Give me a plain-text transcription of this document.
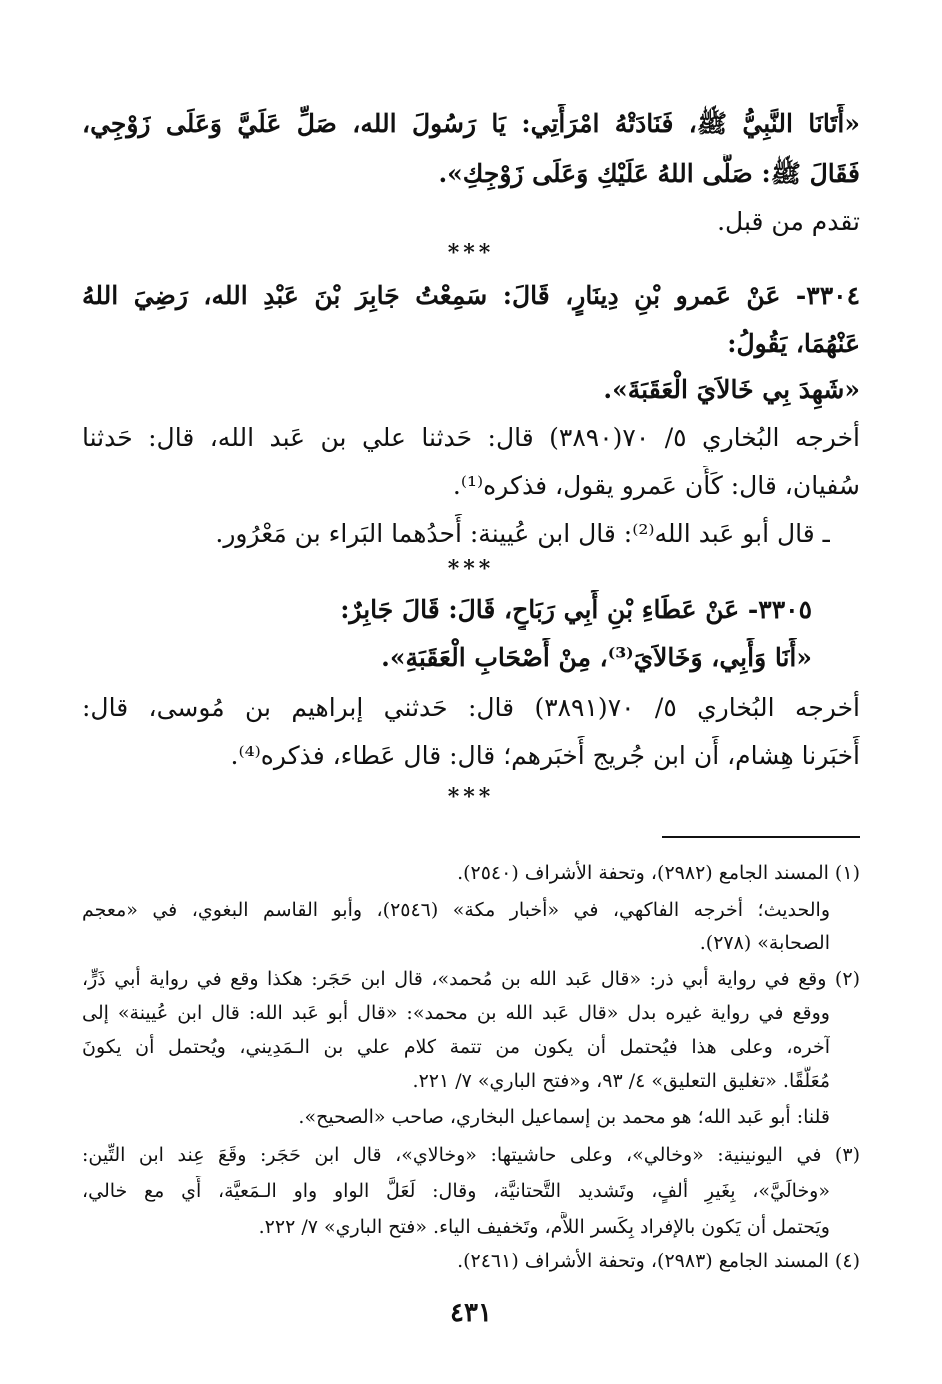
«أَتَانَا النَّبِيُّ ﷺ، فَنَادَتْهُ امْرَأَتِي: يَا رَسُولَ الله، صَلِّ عَلَيَّ وَعَلَى زَوْجِي،
فَقَالَ ﷺ: صَلَّى اللهُ عَلَيْكِ وَعَلَى زَوْجِكِ».
تقدم من قبل.
***
٣٣٠٤- عَنْ عَمرو بْنِ دِينَارٍ، قَالَ: سَمِعْتُ جَابِرَ بْنَ عَبْدِ الله، رَضِيَ اللهُ
عَنْهُمَا، يَقُولُ:
«شَهِدَ بِي خَالاَيَ الْعَقَبَةَ».
أخرجه البُخاري ٥/ ٧٠(٣٨٩٠) قال: حَدثنا علي بن عَبد الله، قال: حَدثنا
سُفيان، قال: كَأَن عَمرو يقول، فذكره⁽¹⁾.
ـ قال أبو عَبد الله⁽²⁾: قال ابن عُيينة: أَحدُهما البَراء بن مَعْرُور.
***
٣٣٠٥- عَنْ عَطَاءِ بْنِ أَبِي رَبَاحٍ، قَالَ: قَالَ جَابِرٌ:
«أَنَا وَأَبِي، وَخَالاَيَ⁽³⁾، مِنْ أَصْحَابِ الْعَقَبَةِ».
أخرجه البُخاري ٥/ ٧٠(٣٨٩١) قال: حَدثني إبراهيم بن مُوسى، قال:
أَخبَرنا هِشام، أَن ابن جُريج أَخبَرهم؛ قال: قال عَطاء، فذكره⁽⁴⁾.
***
(١) المسند الجامع (٢٩٨٢)، وتحفة الأشراف (٢٥٤٠).
والحديث؛ أخرجه الفاكهي، في «أخبار مكة» (٢٥٤٦)، وأبو القاسم البغوي، في «معجم
الصحابة» (٢٧٨).
(٢) وقع في رواية أبي ذر: «قال عَبد الله بن مُحمد»، قال ابن حَجَر: هكذا وقع في رواية أبي ذَرٍّ،
ووقع في رواية غيره بدل «قال عَبد الله بن محمد»: «قال أبو عَبد الله: قال ابن عُيينة» إلى
آخره، وعلى هذا فيُحتمل أن يكون من تتمة كلام علي بن الـمَدِيني، ويُحتمل أن يكونَ
مُعَلَّقًا. «تغليق التعليق» ٤/ ٩٣، و«فتح الباري» ٧/ ٢٢١.
قلنا: أبو عَبد الله؛ هو محمد بن إسماعيل البخاري، صاحب «الصحيح».
(٣) في اليونينية: «وخالي»، وعلى حاشيتها: «وخالاي»، قال ابن حَجَر: وقَعَ عِند ابن التِّين:
«وخالَيَّ»، بِغَيرِ ألفٍ، وتَشديد التَّحتانيَّة، وقال: لَعَلَّ الواو واو الـمَعيَّة، أَي مع خالي،
ويَحتمل أن يَكون بالإفراد بِكَسر اللاَّم، وتَخفيف الياء. «فتح الباري» ٧/ ٢٢٢.
(٤) المسند الجامع (٢٩٨٣)، وتحفة الأشراف (٢٤٦١).
٤٣١
